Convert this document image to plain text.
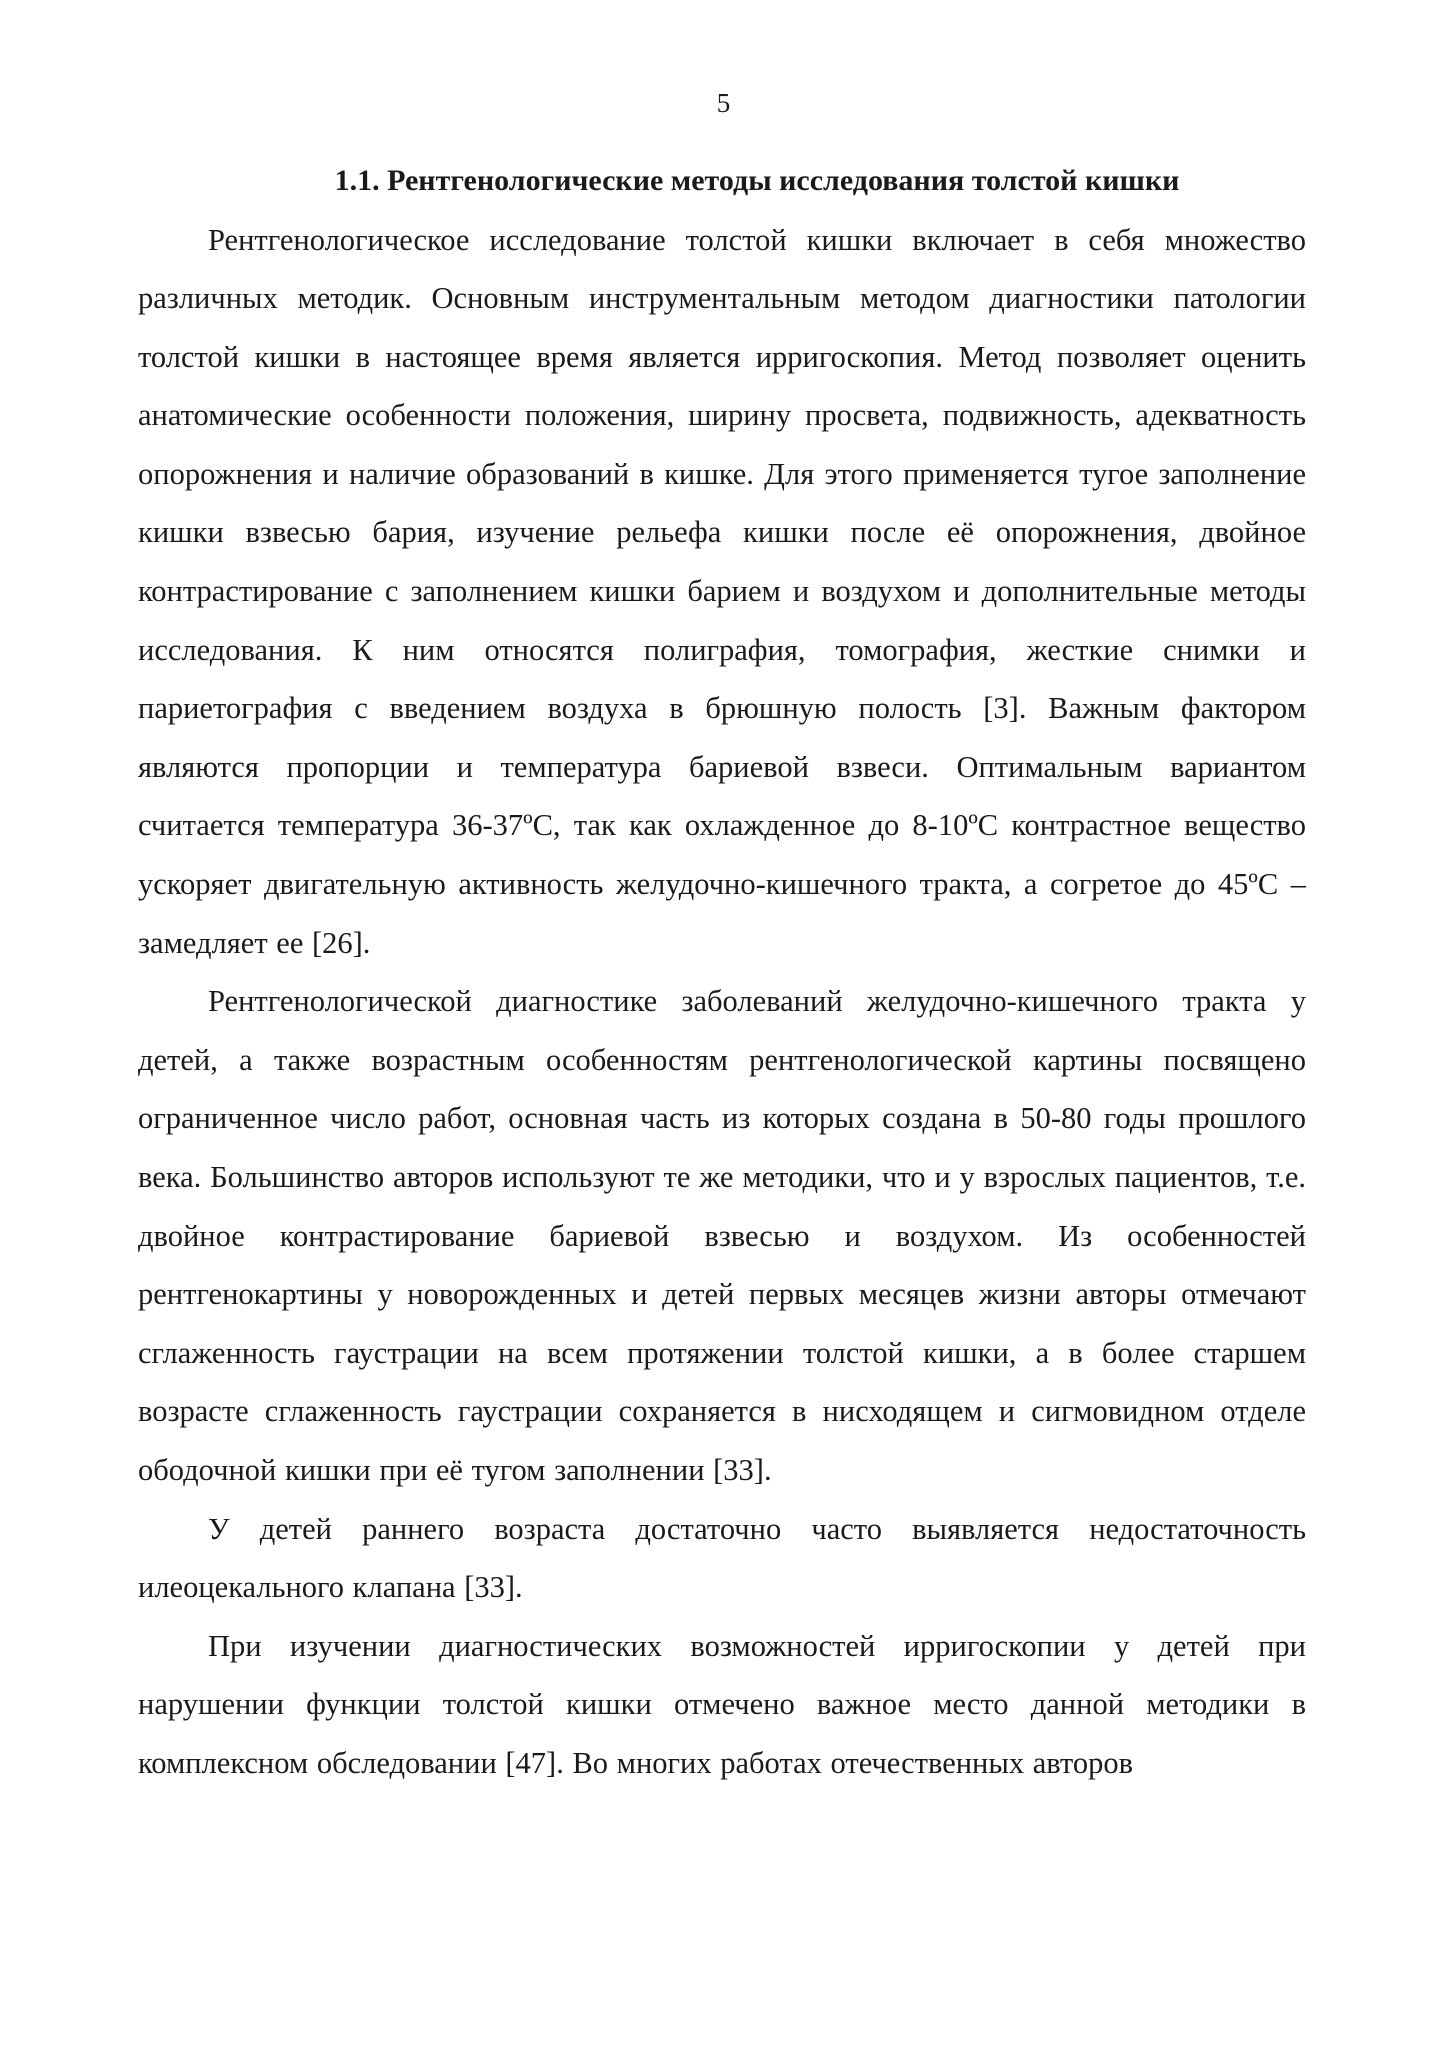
5
1.1. Рентгенологические методы исследования толстой кишки

Рентгенологическое исследование толстой кишки включает в себя множество различных методик. Основным инструментальным методом диагностики патологии толстой кишки в настоящее время является ирригоскопия. Метод позволяет оценить анатомические особенности положения, ширину просвета, подвижность, адекватность опорожнения и наличие образований в кишке. Для этого применяется тугое заполнение кишки взвесью бария, изучение рельефа кишки после её опорожнения, двойное контрастирование с заполнением кишки барием и воздухом и дополнительные методы исследования. К ним относятся полиграфия, томография, жесткие снимки и париетография с введением воздуха в брюшную полость [3]. Важным фактором являются пропорции и температура бариевой взвеси. Оптимальным вариантом считается температура 36-37ºC, так как охлажденное до 8-10ºC контрастное вещество ускоряет двигательную активность желудочно-кишечного тракта, а согретое до 45ºC – замедляет ее [26].

Рентгенологической диагностике заболеваний желудочно-кишечного тракта у детей, а также возрастным особенностям рентгенологической картины посвящено ограниченное число работ, основная часть из которых создана в 50-80 годы прошлого века. Большинство авторов используют те же методики, что и у взрослых пациентов, т.е. двойное контрастирование бариевой взвесью и воздухом. Из особенностей рентгенокартины у новорожденных и детей первых месяцев жизни авторы отмечают сглаженность гаустрации на всем протяжении толстой кишки, а в более старшем возрасте сглаженность гаустрации сохраняется в нисходящем и сигмовидном отделе ободочной кишки при её тугом заполнении [33].

У детей раннего возраста достаточно часто выявляется недостаточность илеоцекального клапана [33].

При изучении диагностических возможностей ирригоскопии у детей при нарушении функции толстой кишки отмечено важное место данной методики в комплексном обследовании [47]. Во многих работах отечественных авторов
